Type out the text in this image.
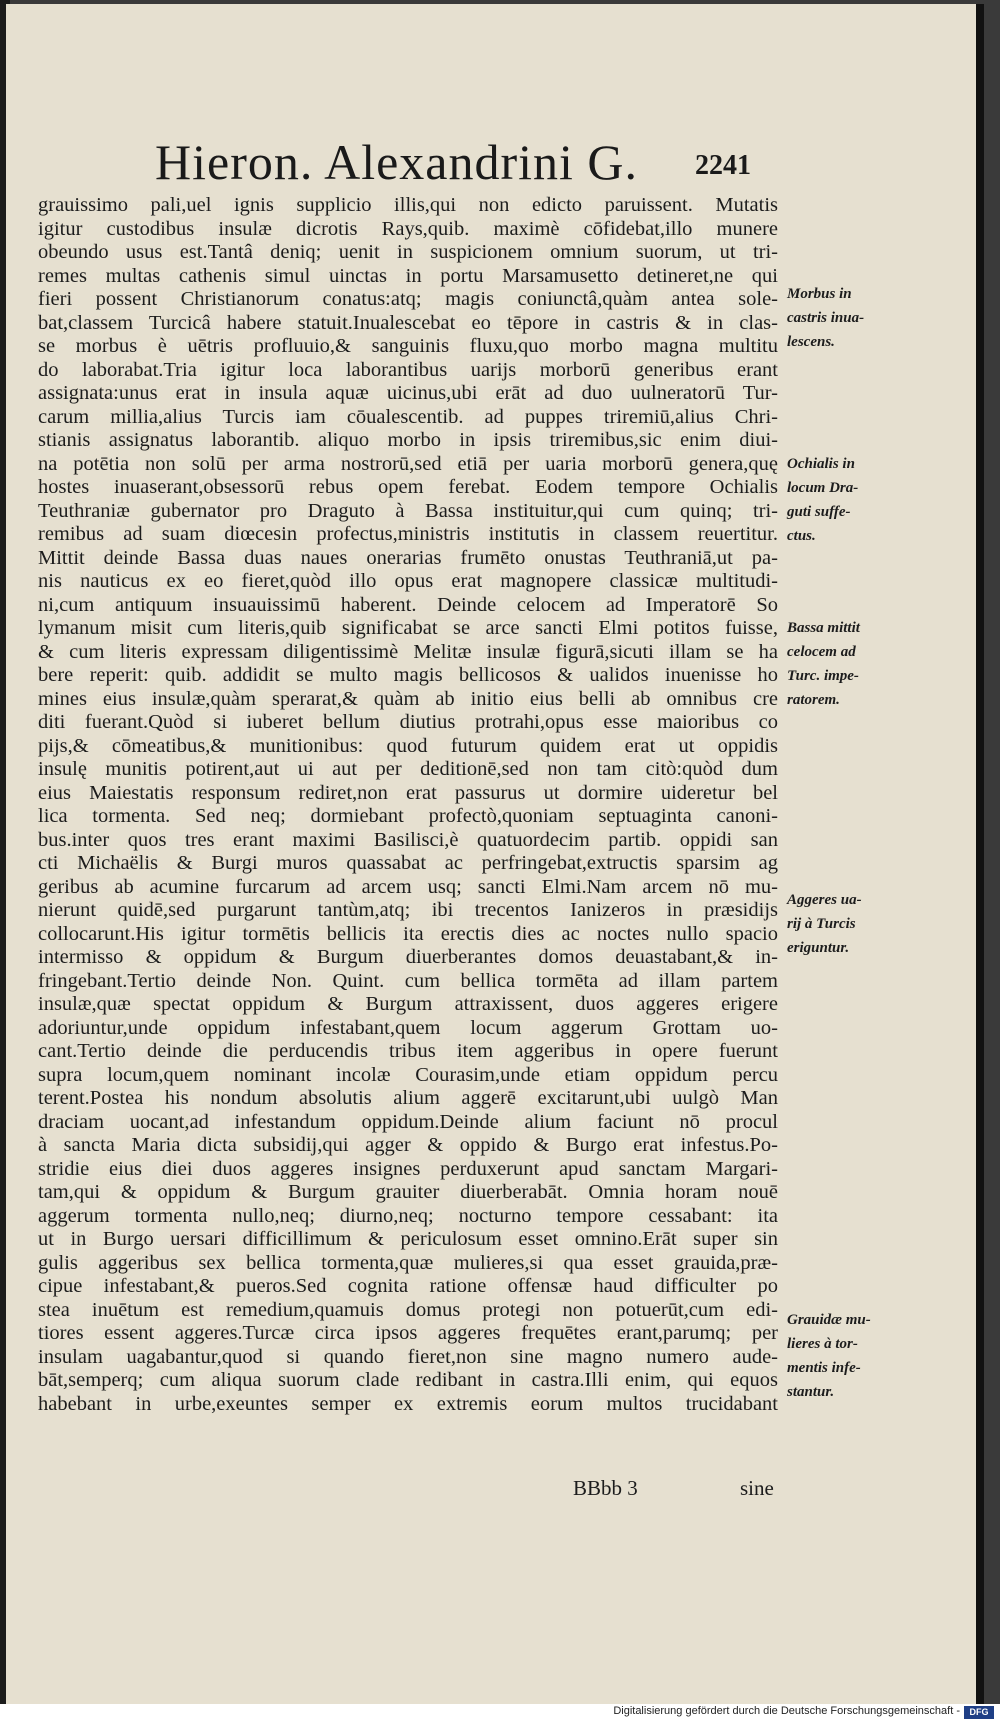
Hieron. Alexandrini G. 2241
grauissimo pali,uel ignis supplicio illis,qui non edicto paruissent. Mutatis
igitur custodibus insulæ dicrotis Rays,quib. maximè cōfidebat,illo munere
obeundo usus est.Tantâ deniq; uenit in suspicionem omnium suorum, ut tri-
remes multas cathenis simul uinctas in portu Marsamusetto detineret,ne qui
fieri possent Christianorum conatus:atq; magis coniunctâ,quàm antea sole-
bat,classem Turcicâ habere statuit.Inualescebat eo tēpore in castris & in clas-
se morbus è uētris profluuio,& sanguinis fluxu,quo morbo magna multitu
do laborabat.Tria igitur loca laborantibus uarijs morborū generibus erant
assignata:unus erat in insula aquæ uicinus,ubi erāt ad duo uulneratorū Tur-
carum millia,alius Turcis iam cōualescentib. ad puppes triremiū,alius Chri-
stianis assignatus laborantib. aliquo morbo in ipsis triremibus,sic enim diui-
na potētia non solū per arma nostrorū,sed etiā per uaria morborū genera,quę
hostes inuaserant,obsessorū rebus opem ferebat. Eodem tempore Ochialis
Teuthraniæ gubernator pro Draguto à Bassa instituitur,qui cum quinq; tri-
remibus ad suam diœcesin profectus,ministris institutis in classem reuertitur.
Mittit deinde Bassa duas naues onerarias frumēto onustas Teuthraniā,ut pa-
nis nauticus ex eo fieret,quòd illo opus erat magnopere classicæ multitudi-
ni,cum antiquum insuauissimū haberent. Deinde celocem ad Imperatorē So
lymanum misit cum literis,quib significabat se arce sancti Elmi potitos fuisse,
& cum literis expressam diligentissimè Melitæ insulæ figurā,sicuti illam se ha
bere reperit: quib. addidit se multo magis bellicosos & ualidos inuenisse ho
mines eius insulæ,quàm sperarat,& quàm ab initio eius belli ab omnibus cre
diti fuerant.Quòd si iuberet bellum diutius protrahi,opus esse maioribus co
pijs,& cōmeatibus,& munitionibus: quod futurum quidem erat ut oppidis
insulę munitis potirent,aut ui aut per deditionē,sed non tam citò:quòd dum
eius Maiestatis responsum rediret,non erat passurus ut dormire uideretur bel
lica tormenta. Sed neq; dormiebant profectò,quoniam septuaginta canoni-
bus.inter quos tres erant maximi Basilisci,è quatuordecim partib. oppidi san
cti Michaëlis & Burgi muros quassabat ac perfringebat,extructis sparsim ag
geribus ab acumine furcarum ad arcem usq; sancti Elmi.Nam arcem nō mu-
nierunt quidē,sed purgarunt tantùm,atq; ibi trecentos Ianizeros in præsidijs
collocarunt.His igitur tormētis bellicis ita erectis dies ac noctes nullo spacio
intermisso & oppidum & Burgum diuerberantes domos deuastabant,& in-
fringebant.Tertio deinde Non. Quint. cum bellica tormēta ad illam partem
insulæ,quæ spectat oppidum & Burgum attraxissent, duos aggeres erigere
adoriuntur,unde oppidum infestabant,quem locum aggerum Grottam uo-
cant.Tertio deinde die perducendis tribus item aggeribus in opere fuerunt
supra locum,quem nominant incolæ Courasim,unde etiam oppidum percu
terent.Postea his nondum absolutis alium aggerē excitarunt,ubi uulgò Man
draciam uocant,ad infestandum oppidum.Deinde alium faciunt nō procul
à sancta Maria dicta subsidij,qui agger & oppido & Burgo erat infestus.Po-
stridie eius diei duos aggeres insignes perduxerunt apud sanctam Margari-
tam,qui & oppidum & Burgum grauiter diuerberabāt. Omnia horam nouē
aggerum tormenta nullo,neq; diurno,neq; nocturno tempore cessabant: ita
ut in Burgo uersari difficillimum & periculosum esset omnino.Erāt super sin
gulis aggeribus sex bellica tormenta,quæ mulieres,si qua esset grauida,præ-
cipue infestabant,& pueros.Sed cognita ratione offensæ haud difficulter po
stea inuētum est remedium,quamuis domus protegi non potuerūt,cum edi-
tiores essent aggeres.Turcæ circa ipsos aggeres frequētes erant,parumq; per
insulam uagabantur,quod si quando fieret,non sine magno numero aude-
bāt,semperq; cum aliqua suorum clade redibant in castra.Illi enim, qui equos
habebant in urbe,exeuntes semper ex extremis eorum multos trucidabant
Morbus in
castris inua-
lescens.
Ochialis in
locum Dra-
guti suffe-
ctus.
Bassa mittit
celocem ad
Turc. impe-
ratorem.
Aggeres ua-
rij à Turcis
eriguntur.
Grauidæ mu-
lieres à tor-
mentis infe-
stantur.
BBbb 3	sine
Digitalisierung gefördert durch die Deutsche Forschungsgemeinschaft -	DFG
